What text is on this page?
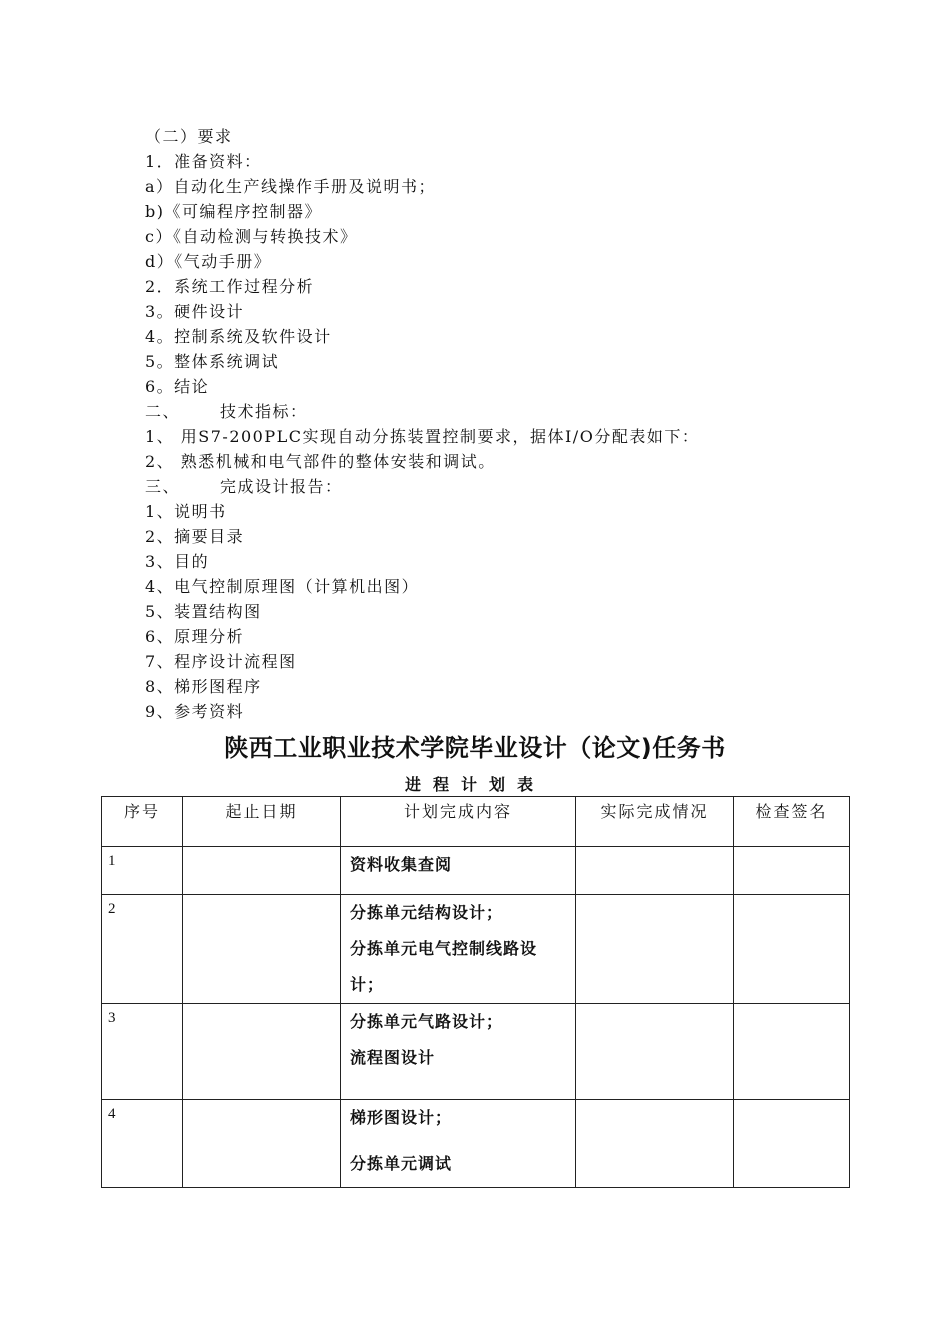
（二）要求
1．准备资料：
a）自动化生产线操作手册及说明书；
b)《可编程序控制器》
c）《自动检测与转换技术》
d）《气动手册》
2．系统工作过程分析
3。硬件设计
4。控制系统及软件设计
5。整体系统调试
6。结论
二、	技术指标：
1、 用S7-200PLC实现自动分拣装置控制要求，据体I/O分配表如下：
2、 熟悉机械和电气部件的整体安装和调试。
三、	完成设计报告：
1、说明书
2、摘要目录
3、目的
4、电气控制原理图（计算机出图）
5、装置结构图
6、原理分析
7、程序设计流程图
8、梯形图程序
9、参考资料
陕西工业职业技术学院毕业设计（论文)任务书
进程计划表
序号	起止日期	计划完成内容	实际完成情况	检查签名
1		资料收集查阅		

2		分拣单元结构设计；
分拣单元电气控制线路设
计；		

3		分拣单元气路设计；
流程图设计		

4		梯形图设计；
分拣单元调试		
